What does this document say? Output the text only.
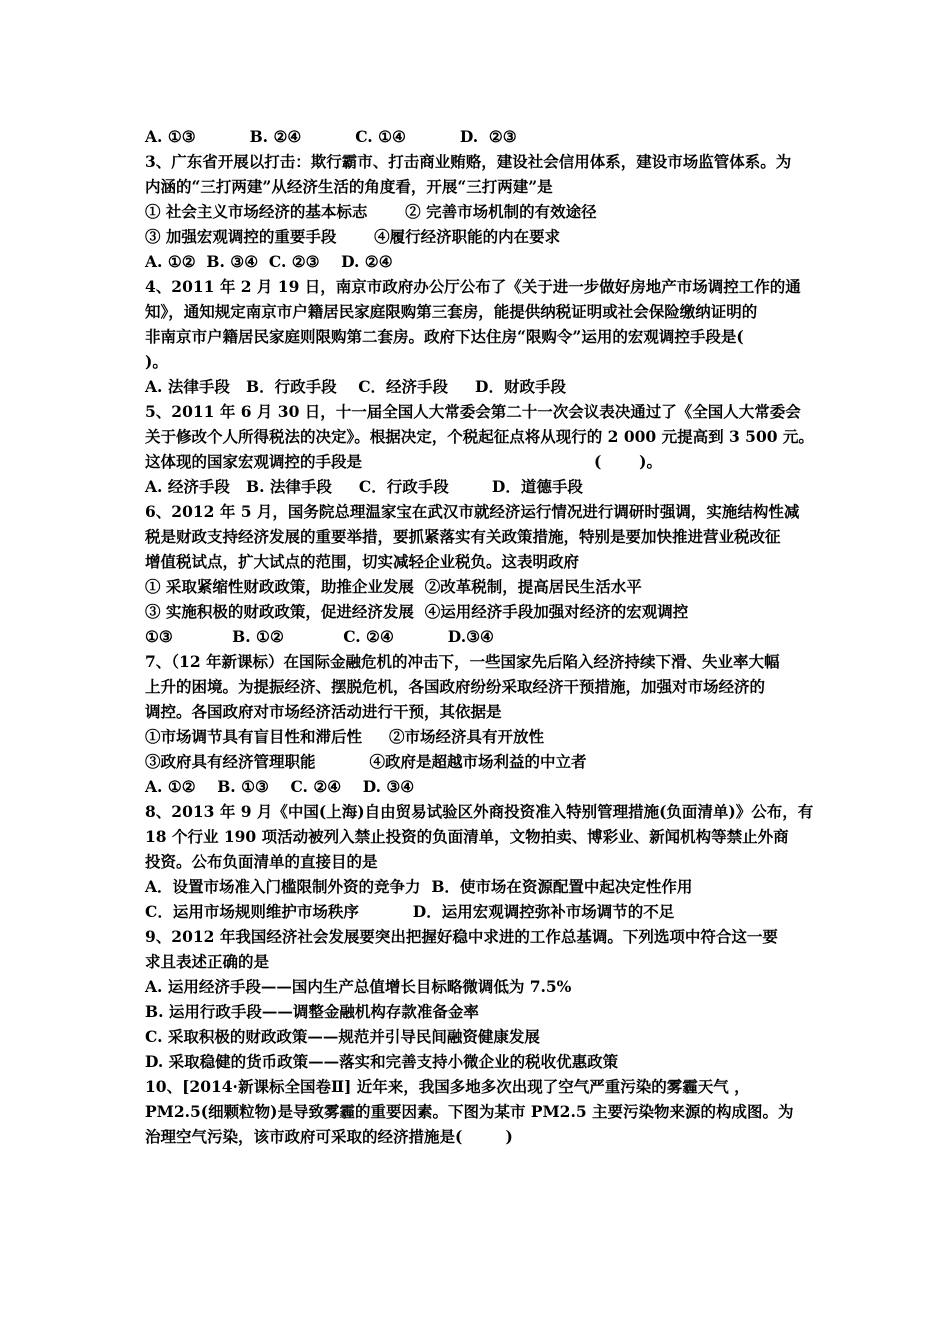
A. ①③          B. ②④          C. ①④          D.  ②③
3、广东省开展以打击：欺行霸市、打击商业贿赂，建设社会信用体系，建设市场监管体系。为
内涵的“三打两建”从经济生活的角度看，开展“三打两建”是
① 社会主义市场经济的基本标志       ② 完善市场机制的有效途径
③ 加强宏观调控的重要手段       ④履行经济职能的内在要求
A. ①②  B. ③④  C. ②③    D. ②④
4、2011 年 2 月 19 日，南京市政府办公厅公布了《关于进一步做好房地产市场调控工作的通
知》，通知规定南京市户籍居民家庭限购第三套房，能提供纳税证明或社会保险缴纳证明的
非南京市户籍居民家庭则限购第二套房。政府下达住房“限购令”运用的宏观调控手段是(
)。
A. 法律手段   B．行政手段    C．经济手段     D．财政手段
5、2011 年 6 月 30 日，十一届全国人大常委会第二十一次会议表决通过了《全国人大常委会
关于修改个人所得税法的决定》。根据决定，个税起征点将从现行的 2 000 元提高到 3 500 元。
这体现的国家宏观调控的手段是                                           (       )。
A. 经济手段   B. 法律手段     C．行政手段        D．道德手段
6、2012 年 5 月，国务院总理温家宝在武汉市就经济运行情况进行调研时强调，实施结构性减
税是财政支持经济发展的重要举措，要抓紧落实有关政策措施，特别是要加快推进营业税改征
增值税试点，扩大试点的范围，切实减轻企业税负。这表明政府
① 采取紧缩性财政政策，助推企业发展  ②改革税制，提高居民生活水平
③ 实施积极的财政政策，促进经济发展  ④运用经济手段加强对经济的宏观调控
①③           B. ①②           C. ②④          D.③④
7、（12 年新课标）在国际金融危机的冲击下，一些国家先后陷入经济持续下滑、失业率大幅
上升的困境。为提振经济、摆脱危机，各国政府纷纷采取经济干预措施，加强对市场经济的
调控。各国政府对市场经济活动进行干预，其依据是
①市场调节具有盲目性和滞后性     ②市场经济具有开放性
③政府具有经济管理职能          ④政府是超越市场利益的中立者
A. ①②    B. ①③    C. ②④    D. ③④
8、2013 年 9 月《中国(上海)自由贸易试验区外商投资准入特别管理措施(负面清单)》公布，有
18 个行业 190 项活动被列入禁止投资的负面清单，文物拍卖、博彩业、新闻机构等禁止外商
投资。公布负面清单的直接目的是
A．设置市场准入门槛限制外资的竞争力  B．使市场在资源配置中起决定性作用
C．运用市场规则维护市场秩序          D．运用宏观调控弥补市场调节的不足
9、2012 年我国经济社会发展要突出把握好稳中求进的工作总基调。下列选项中符合这一要
求且表述正确的是
A. 运用经济手段——国内生产总值增长目标略微调低为 7.5%
B. 运用行政手段——调整金融机构存款准备金率
C. 采取积极的财政政策——规范并引导民间融资健康发展
D. 采取稳健的货币政策——落实和完善支持小微企业的税收优惠政策
10、[2014·新课标全国卷Ⅱ] 近年来，我国多地多次出现了空气严重污染的雾霾天气 ，
PM2.5(细颗粒物)是导致雾霾的重要因素。下图为某市 PM2.5 主要污染物来源的构成图。为
治理空气污染，该市政府可采取的经济措施是(        )
